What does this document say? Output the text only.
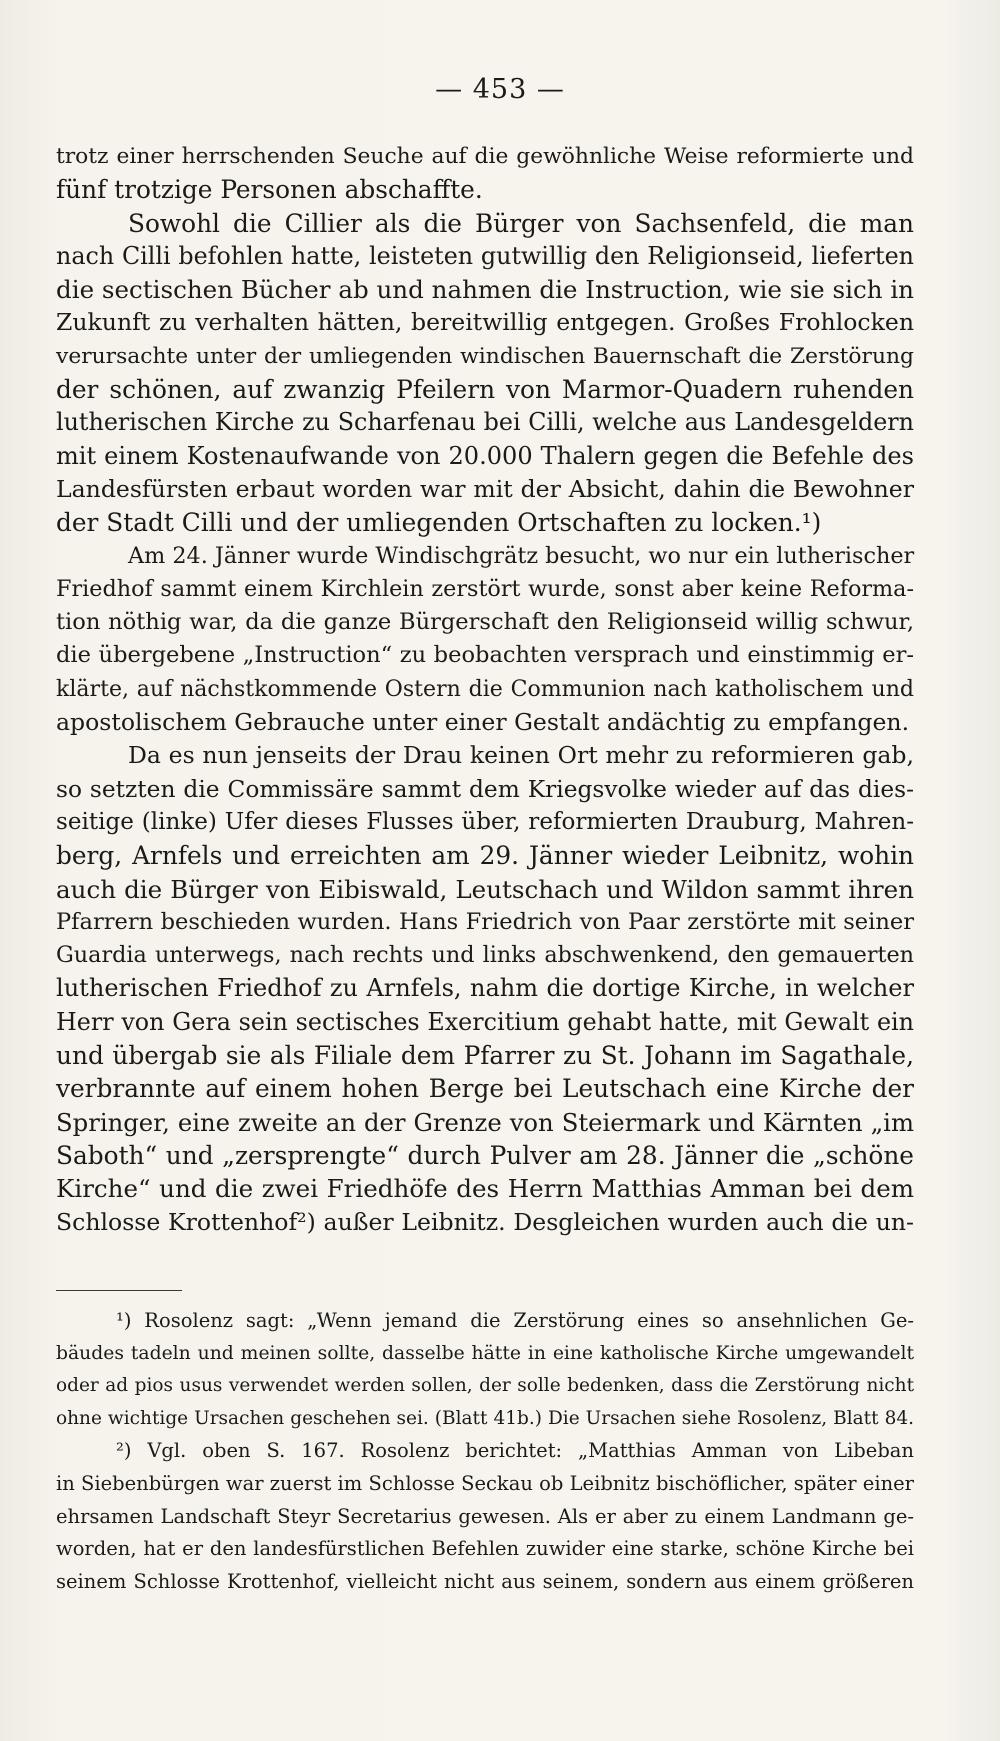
— 453 —
trotz einer herrschenden Seuche auf die gewöhnliche Weise reformierte und
fünf trotzige Personen abschaffte.
Sowohl die Cillier als die Bürger von Sachsenfeld, die man
nach Cilli befohlen hatte, leisteten gutwillig den Religionseid, lieferten
die sectischen Bücher ab und nahmen die Instruction, wie sie sich in
Zukunft zu verhalten hätten, bereitwillig entgegen. Großes Frohlocken
verursachte unter der umliegenden windischen Bauernschaft die Zerstörung
der schönen, auf zwanzig Pfeilern von Marmor-Quadern ruhenden
lutherischen Kirche zu Scharfenau bei Cilli, welche aus Landesgeldern
mit einem Kostenaufwande von 20.000 Thalern gegen die Befehle des
Landesfürsten erbaut worden war mit der Absicht, dahin die Bewohner
der Stadt Cilli und der umliegenden Ortschaften zu locken.¹)
Am 24. Jänner wurde Windischgrätz besucht, wo nur ein lutherischer
Friedhof sammt einem Kirchlein zerstört wurde, sonst aber keine Reforma-
tion nöthig war, da die ganze Bürgerschaft den Religionseid willig schwur,
die übergebene „Instruction“ zu beobachten versprach und einstimmig er-
klärte, auf nächstkommende Ostern die Communion nach katholischem und
apostolischem Gebrauche unter einer Gestalt andächtig zu empfangen.
Da es nun jenseits der Drau keinen Ort mehr zu reformieren gab,
so setzten die Commissäre sammt dem Kriegsvolke wieder auf das dies-
seitige (linke) Ufer dieses Flusses über, reformierten Drauburg, Mahren-
berg, Arnfels und erreichten am 29. Jänner wieder Leibnitz, wohin
auch die Bürger von Eibiswald, Leutschach und Wildon sammt ihren
Pfarrern beschieden wurden. Hans Friedrich von Paar zerstörte mit seiner
Guardia unterwegs, nach rechts und links abschwenkend, den gemauerten
lutherischen Friedhof zu Arnfels, nahm die dortige Kirche, in welcher
Herr von Gera sein sectisches Exercitium gehabt hatte, mit Gewalt ein
und übergab sie als Filiale dem Pfarrer zu St. Johann im Sagathale,
verbrannte auf einem hohen Berge bei Leutschach eine Kirche der
Springer, eine zweite an der Grenze von Steiermark und Kärnten „im
Saboth“ und „zersprengte“ durch Pulver am 28. Jänner die „schöne
Kirche“ und die zwei Friedhöfe des Herrn Matthias Amman bei dem
Schlosse Krottenhof²) außer Leibnitz. Desgleichen wurden auch die un-
¹) Rosolenz sagt: „Wenn jemand die Zerstörung eines so ansehnlichen Ge-
bäudes tadeln und meinen sollte, dasselbe hätte in eine katholische Kirche umgewandelt
oder ad pios usus verwendet werden sollen, der solle bedenken, dass die Zerstörung nicht
ohne wichtige Ursachen geschehen sei. (Blatt 41b.) Die Ursachen siehe Rosolenz, Blatt 84.
²) Vgl. oben S. 167. Rosolenz berichtet: „Matthias Amman von Libeban
in Siebenbürgen war zuerst im Schlosse Seckau ob Leibnitz bischöflicher, später einer
ehrsamen Landschaft Steyr Secretarius gewesen. Als er aber zu einem Landmann ge-
worden, hat er den landesfürstlichen Befehlen zuwider eine starke, schöne Kirche bei
seinem Schlosse Krottenhof, vielleicht nicht aus seinem, sondern aus einem größeren
